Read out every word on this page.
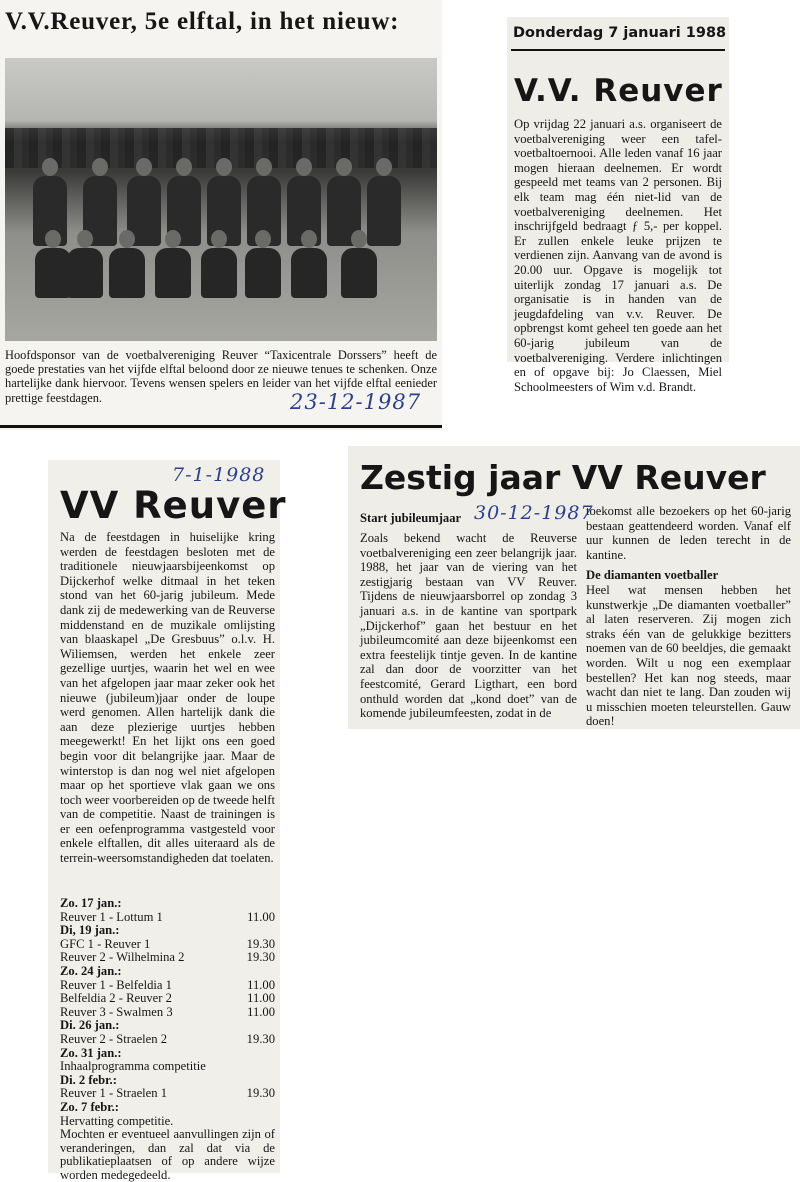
V.V.Reuver, 5e elftal, in het nieuw:
Hoofdsponsor van de voetbalvereniging Reuver “Taxicentrale Dorssers” heeft de goede prestaties van het vijfde elftal beloond door ze nieuwe tenues te schenken. Onze hartelijke dank hiervoor. Tevens wensen spelers en leider van het vijfde elftal eenieder prettige feestdagen.	23-12-1987
Donderdag 7 januari 1988
V.V. Reuver
Op vrijdag 22 januari a.s. organiseert de voetbalvereniging weer een tafel-voetbaltoernooi. Alle leden vanaf 16 jaar mogen hieraan deelnemen. Er wordt gespeeld met teams van 2 personen. Bij elk team mag één niet-lid van de voetbalvereniging deelnemen. Het inschrijfgeld bedraagt ƒ 5,- per koppel. Er zullen enkele leuke prijzen te verdienen zijn. Aanvang van de avond is 20.00 uur. Opgave is mogelijk tot uiterlijk zondag 17 januari a.s. De organisatie is in handen van de jeugdafdeling van v.v. Reuver. De opbrengst komt geheel ten goede aan het 60-jarig jubileum van de voetbalvereniging. Verdere inlichtingen en of opgave bij: Jo Claessen, Miel Schoolmeesters of Wim v.d. Brandt.
7-1-1988
VV Reuver
Na de feestdagen in huiselijke kring werden de feestdagen besloten met de traditionele nieuwjaarsbijeenkomst op Dijckerhof welke ditmaal in het teken stond van het 60-jarig jubileum. Mede dank zij de medewerking van de Reuverse middenstand en de muzikale omlijsting van blaaskapel „De Gresbuus” o.l.v. H. Wiliemsen, werden het enkele zeer gezellige uurtjes, waarin het wel en wee van het afgelopen jaar maar zeker ook het nieuwe (jubileum)jaar onder de loupe werd genomen. Allen hartelijk dank die aan deze plezierige uurtjes hebben meegewerkt! En het lijkt ons een goed begin voor dit belangrijke jaar. Maar de winterstop is dan nog wel niet afgelopen maar op het sportieve vlak gaan we ons toch weer voorbereiden op de tweede helft van de competitie. Naast de trainingen is er een oefenprogramma vastgesteld voor enkele elftallen, dit alles uiteraard als de terrein-weersomstandigheden dat toelaten.
Zo. 17 jan.:
Reuver 1 - Lottum 1	11.00
Di, 19 jan.:
GFC 1 - Reuver 1	19.30
Reuver 2 - Wilhelmina 2	19.30
Zo. 24 jan.:
Reuver 1 - Belfeldia 1	11.00
Belfeldia 2 - Reuver 2	11.00
Reuver 3 - Swalmen 3	11.00
Di. 26 jan.:
Reuver 2 - Straelen 2	19.30
Zo. 31 jan.:
Inhaalprogramma competitie
Di. 2 febr.:
Reuver 1 - Straelen 1	19.30
Zo. 7 febr.:
Hervatting competitie.
Mochten er eventueel aanvullingen zijn of veranderingen, dan zal dat via de publikatieplaatsen of op andere wijze worden medegedeeld.
Zestig jaar VV Reuver
Start jubileumjaar 30-12-1987
Zoals bekend wacht de Reuverse voetbalvereniging een zeer belangrijk jaar. 1988, het jaar van de viering van het zestigjarig bestaan van VV Reuver. Tijdens de nieuwjaarsborrel op zondag 3 januari a.s. in de kantine van sportpark „Dijckerhof” gaan het bestuur en het jubileumcomité aan deze bijeenkomst een extra feestelijk tintje geven. In de kantine zal dan door de voorzitter van het feestcomité, Gerard Ligthart, een bord onthuld worden dat „kond doet” van de komende jubileumfeesten, zodat in de
toekomst alle bezoekers op het 60-jarig bestaan geattendeerd worden. Vanaf elf uur kunnen de leden terecht in de kantine.
De diamanten voetballer
Heel wat mensen hebben het kunstwerkje „De diamanten voetballer” al laten reserveren. Zij mogen zich straks één van de gelukkige bezitters noemen van de 60 beeldjes, die gemaakt worden. Wilt u nog een exemplaar bestellen? Het kan nog steeds, maar wacht dan niet te lang. Dan zouden wij u misschien moeten teleurstellen. Gauw doen!
